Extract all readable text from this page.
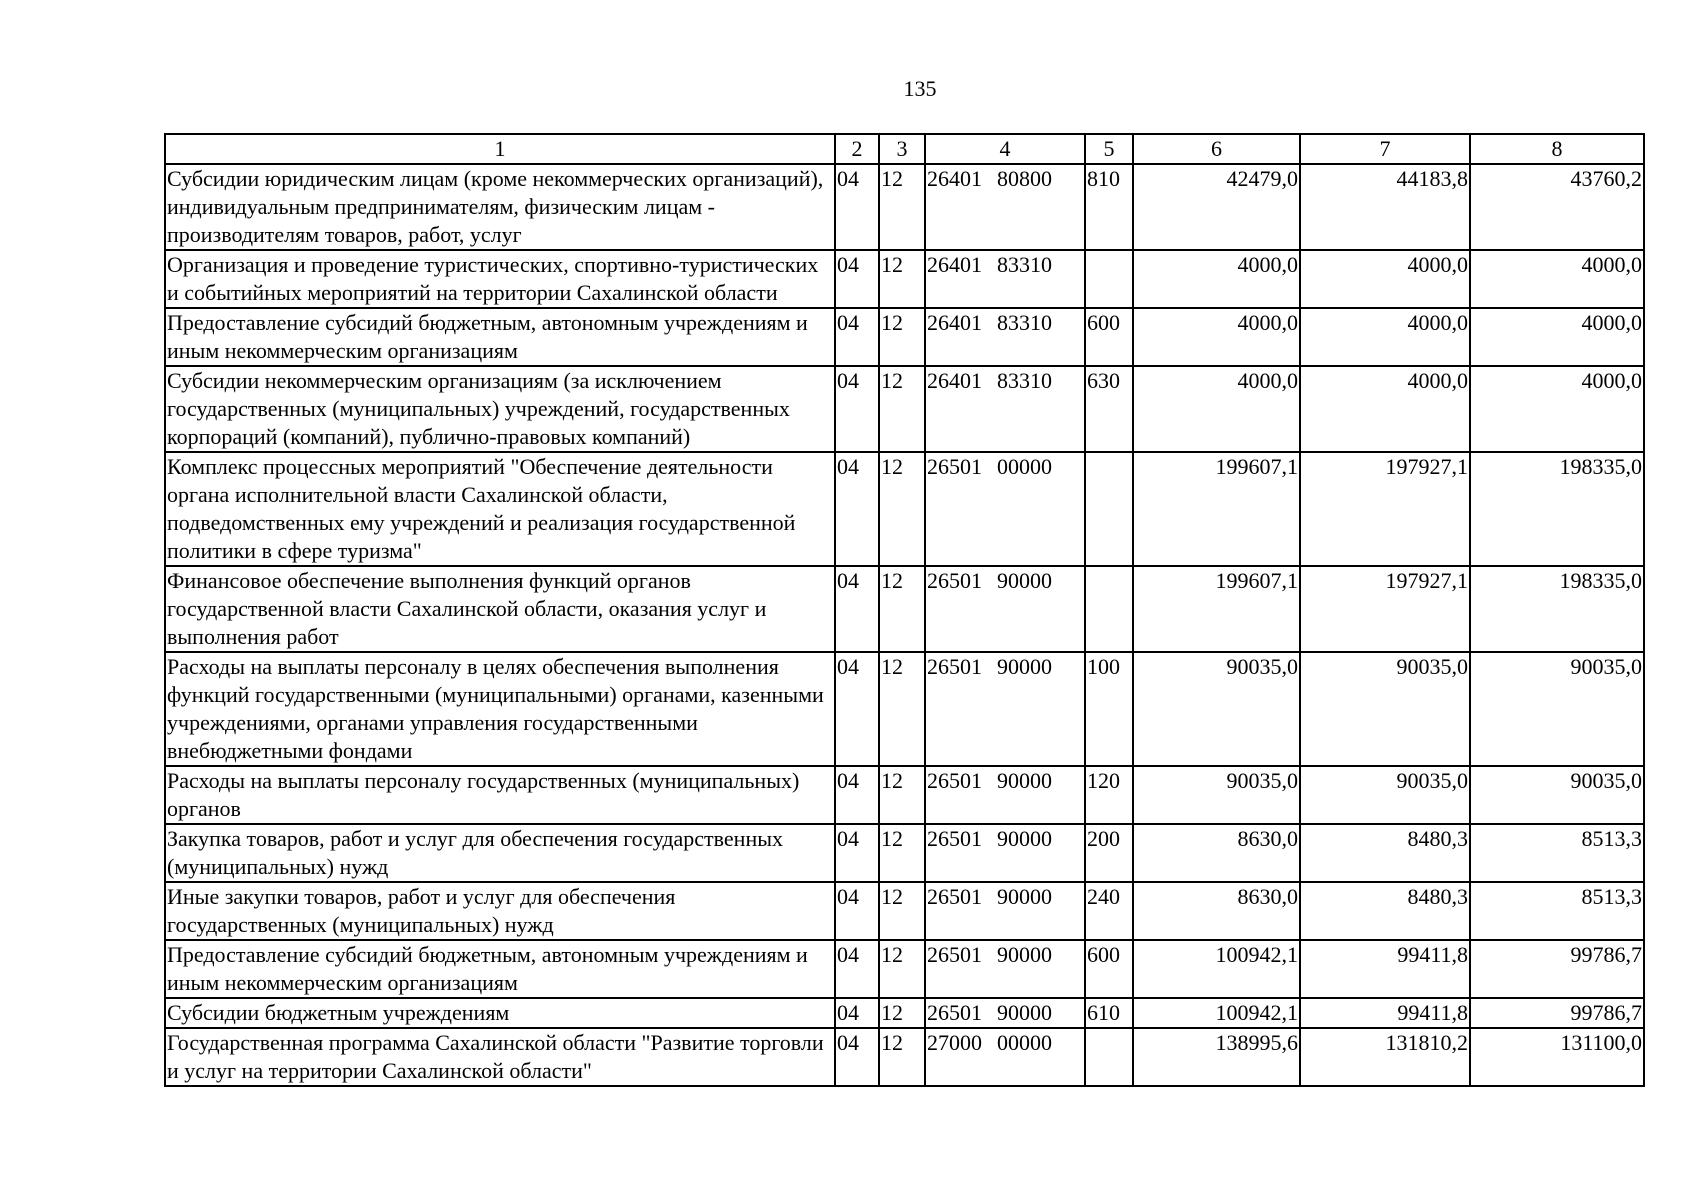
135
1	2	3	4	5	6	7	8
Субсидии юридическим лицам (кроме некоммерческих организаций), индивидуальным предпринимателям, физическим лицам - производителям товаров, работ, услуг	04	12	26401 80800	810	42479,0	44183,8	43760,2
Организация и проведение туристических, спортивно-туристических и событийных мероприятий на территории Сахалинской области	04	12	26401 83310		4000,0	4000,0	4000,0
Предоставление субсидий бюджетным, автономным учреждениям и иным некоммерческим организациям	04	12	26401 83310	600	4000,0	4000,0	4000,0
Субсидии некоммерческим организациям (за исключением государственных (муниципальных) учреждений, государственных корпораций (компаний), публично-правовых компаний)	04	12	26401 83310	630	4000,0	4000,0	4000,0
Комплекс процессных мероприятий "Обеспечение деятельности органа исполнительной власти Сахалинской области, подведомственных ему учреждений и реализация государственной политики в сфере туризма"	04	12	26501 00000		199607,1	197927,1	198335,0
Финансовое обеспечение выполнения функций органов государственной власти Сахалинской области, оказания услуг и выполнения работ	04	12	26501 90000		199607,1	197927,1	198335,0
Расходы на выплаты персоналу в целях обеспечения выполнения функций государственными (муниципальными) органами, казенными учреждениями, органами управления государственными внебюджетными фондами	04	12	26501 90000	100	90035,0	90035,0	90035,0
Расходы на выплаты персоналу государственных (муниципальных) органов	04	12	26501 90000	120	90035,0	90035,0	90035,0
Закупка товаров, работ и услуг для обеспечения государственных (муниципальных) нужд	04	12	26501 90000	200	8630,0	8480,3	8513,3
Иные закупки товаров, работ и услуг для обеспечения государственных (муниципальных) нужд	04	12	26501 90000	240	8630,0	8480,3	8513,3
Предоставление субсидий бюджетным, автономным учреждениям и иным некоммерческим организациям	04	12	26501 90000	600	100942,1	99411,8	99786,7
Субсидии бюджетным учреждениям	04	12	26501 90000	610	100942,1	99411,8	99786,7
Государственная программа Сахалинской области "Развитие торговли и услуг на территории Сахалинской области"	04	12	27000 00000		138995,6	131810,2	131100,0
